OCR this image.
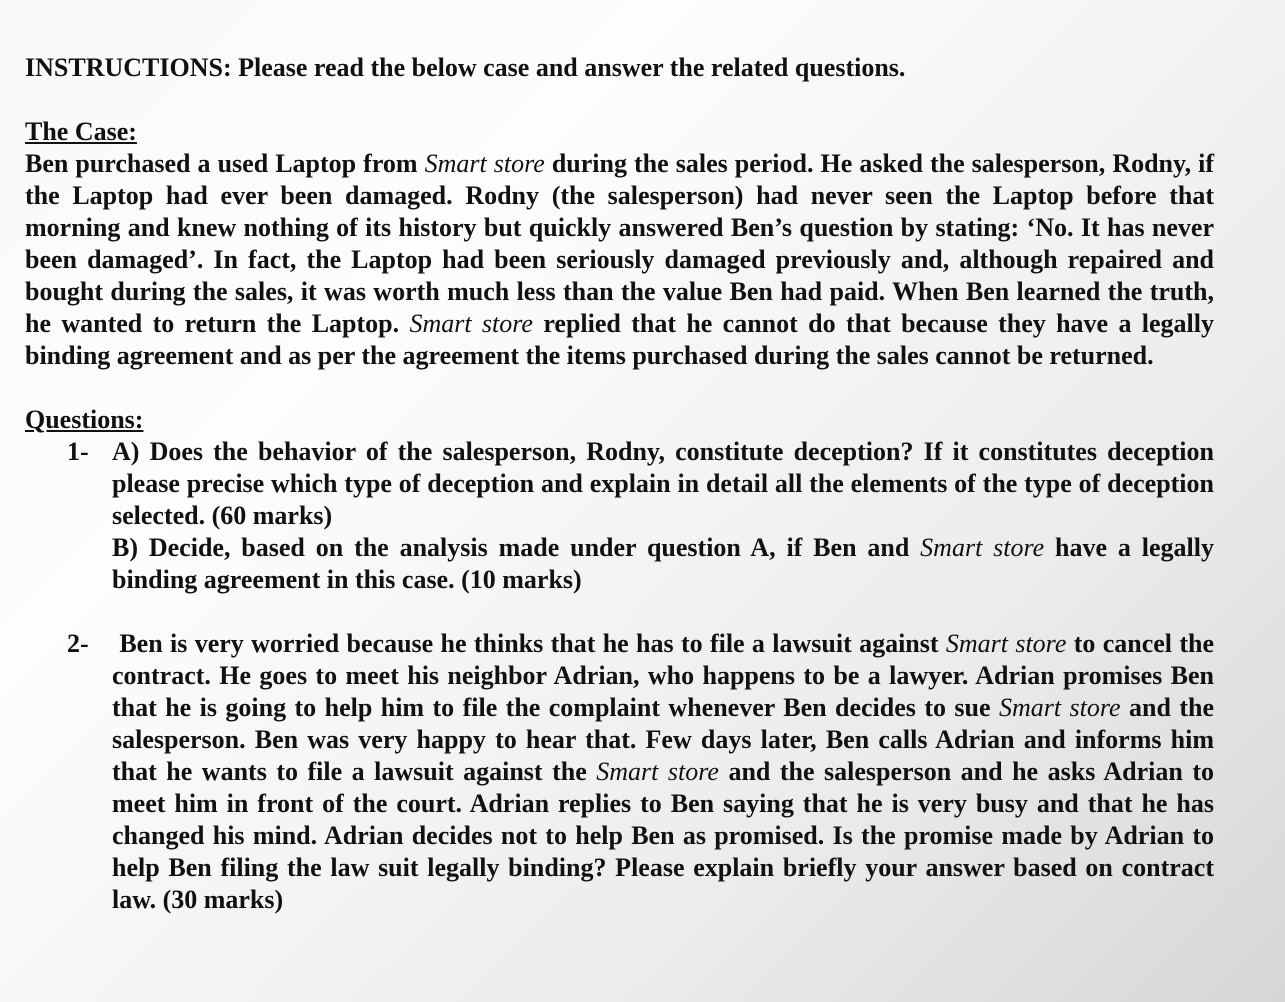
INSTRUCTIONS: Please read the below case and answer the related questions.

The Case:

Ben purchased a used Laptop from Smart store during the sales period. He asked the salesperson, Rodny, if the Laptop had ever been damaged. Rodny (the salesperson) had never seen the Laptop before that morning and knew nothing of its history but quickly answered Ben’s question by stating: ‘No. It has never been damaged’. In fact, the Laptop had been seriously damaged previously and, although repaired and bought during the sales, it was worth much less than the value Ben had paid. When Ben learned the truth, he wanted to return the Laptop. Smart store replied that he cannot do that because they have a legally binding agreement and as per the agreement the items purchased during the sales cannot be returned.

Questions:

1- A) Does the behavior of the salesperson, Rodny, constitute deception? If it constitutes deception please precise which type of deception and explain in detail all the elements of the type of deception selected. (60 marks)

B) Decide, based on the analysis made under question A, if Ben and Smart store have a legally binding agreement in this case. (10 marks)

2-	Ben is very worried because he thinks that he has to file a lawsuit against Smart store to cancel the contract. He goes to meet his neighbor Adrian, who happens to be a lawyer. Adrian promises Ben that he is going to help him to file the complaint whenever Ben decides to sue Smart store and the salesperson. Ben was very happy to hear that. Few days later, Ben calls Adrian and informs him that he wants to file a lawsuit against the Smart store and the salesperson and he asks Adrian to meet him in front of the court. Adrian replies to Ben saying that he is very busy and that he has changed his mind. Adrian decides not to help Ben as promised. Is the promise made by Adrian to help Ben filing the law suit legally binding? Please explain briefly your answer based on contract law. (30 marks)
